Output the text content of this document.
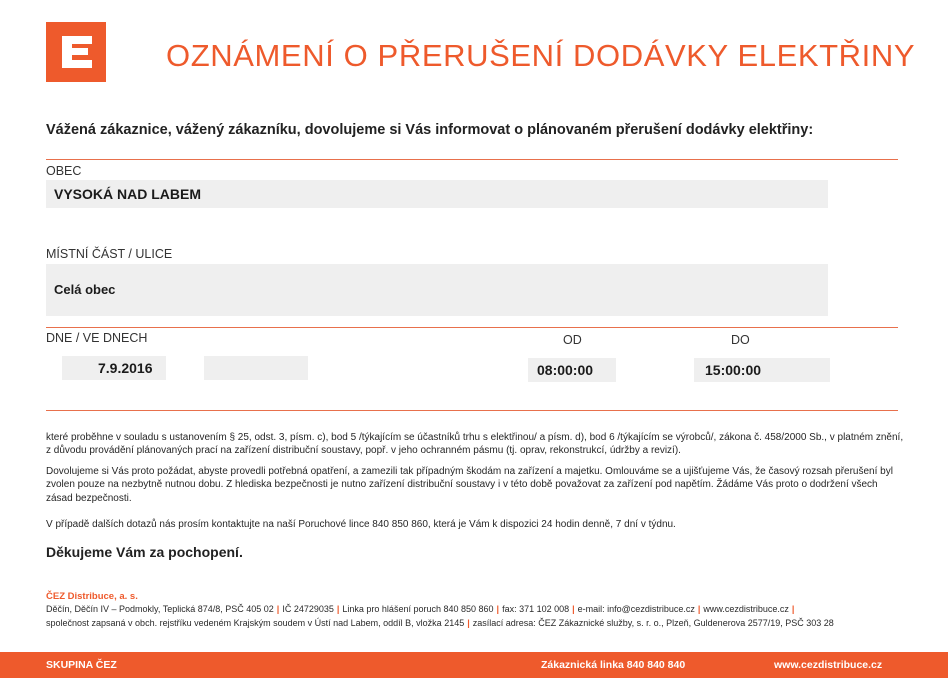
OZNÁMENÍ O PŘERUŠENÍ DODÁVKY ELEKTŘINY
Vážená zákaznice, vážený zákazníku, dovolujeme si Vás informovat o plánovaném přerušení dodávky elektřiny:
OBEC
VYSOKÁ NAD LABEM
MÍSTNÍ ČÁST / ULICE
Celá obec
DNE / VE DNECH	OD	DO
7.9.2016	08:00:00	15:00:00
které proběhne v souladu s ustanovením § 25, odst. 3, písm. c), bod 5 /týkajícím se účastníků trhu s elektřinou/ a písm. d), bod 6 /týkajícím se výrobců/, zákona č. 458/2000 Sb., v platném znění, z důvodu provádění plánovaných prací na zařízení distribuční soustavy, popř. v jeho ochranném pásmu (tj. oprav, rekonstrukcí, údržby a revizí).
Dovolujeme si Vás proto požádat, abyste provedli potřebná opatření, a zamezili tak případným škodám na zařízení a majetku. Omlouváme se a ujišťujeme Vás, že časový rozsah přerušení byl zvolen pouze na nezbytně nutnou dobu. Z hlediska bezpečnosti je nutno zařízení distribuční soustavy i v této době považovat za zařízení pod napětím. Žádáme Vás proto o dodržení všech zásad bezpečnosti.
V případě dalších dotazů nás prosím kontaktujte na naší Poruchové lince 840 850 860, která je Vám k dispozici 24 hodin denně, 7 dní v týdnu.
Děkujeme Vám za pochopení.
ČEZ Distribuce, a. s.
Děčín, Děčín IV – Podmokly, Teplická 874/8, PSČ 405 02 | IČ 24729035 | Linka pro hlášení poruch 840 850 860 | fax: 371 102 008 | e-mail: info@cezdistribuce.cz | www.cezdistribuce.cz |
společnost zapsaná v obch. rejstříku vedeném Krajským soudem v Ústí nad Labem, oddíl B, vložka 2145 | zasílací adresa: ČEZ Zákaznické služby, s. r. o., Plzeň, Guldenerova 2577/19, PSČ 303 28
SKUPINA ČEZ	Zákaznická linka 840 840 840	www.cezdistribuce.cz
